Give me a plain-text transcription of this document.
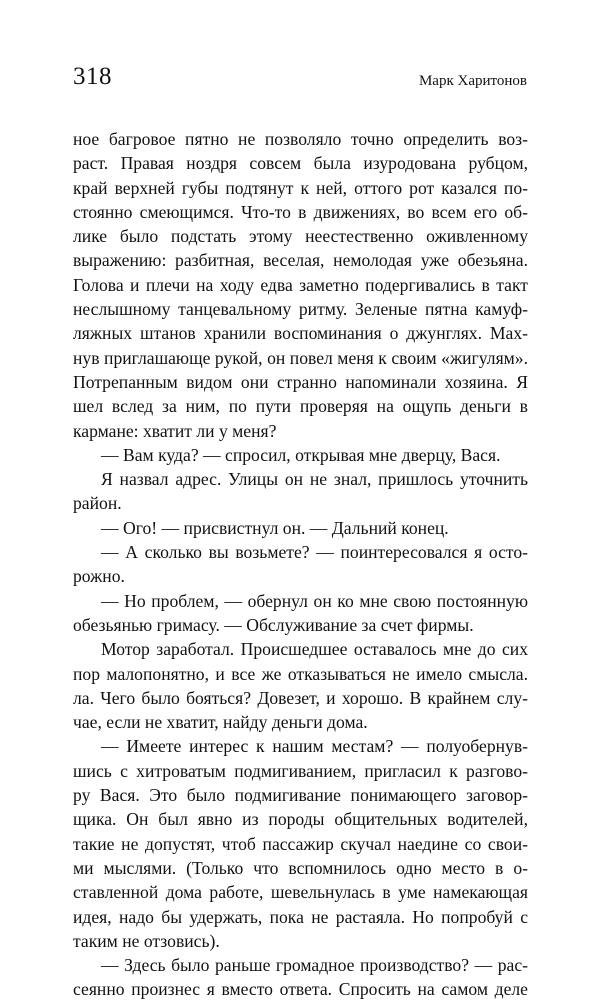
318	Марк Харитонов
ное багровое пятно не позволяло точно определить воз-
раст. Правая ноздря совсем была изуродована рубцом,
край верхней губы подтянут к ней, оттого рот казался по-
стоянно смеющимся. Что-то в движениях, во всем его об-
лике было подстать этому неестественно оживленному
выражению: разбитная, веселая, немолодая уже обезьяна.
Голова и плечи на ходу едва заметно подергивались в такт
неслышному танцевальному ритму. Зеленые пятна камуф-
ляжных штанов хранили воспоминания о джунглях. Мах-
нув приглашающе рукой, он повел меня к своим «жигулям».
Потрепанным видом они странно напоминали хозяина. Я
шел вслед за ним, по пути проверяя на ощупь деньги в
кармане: хватит ли у меня?
— Вам куда? — спросил, открывая мне дверцу, Вася.
Я назвал адрес. Улицы он не знал, пришлось уточнить
район.
— Ого! — присвистнул он. — Дальний конец.
— А сколько вы возьмете? — поинтересовался я осто-
рожно.
— Но проблем, — обернул он ко мне свою постоянную
обезьянью гримасу. — Обслуживание за счет фирмы.
Мотор заработал. Происшедшее оставалось мне до сих
пор малопонятно, и все же отказываться не имело смысла.
ла. Чего было бояться? Довезет, и хорошо. В крайнем слу-
чае, если не хватит, найду деньги дома.
— Имеете интерес к нашим местам? — полуобернув-
шись с хитроватым подмигиванием, пригласил к разгово-
ру Вася. Это было подмигивание понимающего заговор-
щика. Он был явно из породы общительных водителей,
такие не допустят, чтоб пассажир скучал наедине со свои-
ми мыслями. (Только что вспомнилось одно место в о-
ставленной дома работе, шевельнулась в уме намекающая
идея, надо бы удержать, пока не растаяла. Но попробуй с
таким не отзовись).
— Здесь было раньше громадное производство? — рас-
сеянно произнес я вместо ответа. Спросить на самом деле
